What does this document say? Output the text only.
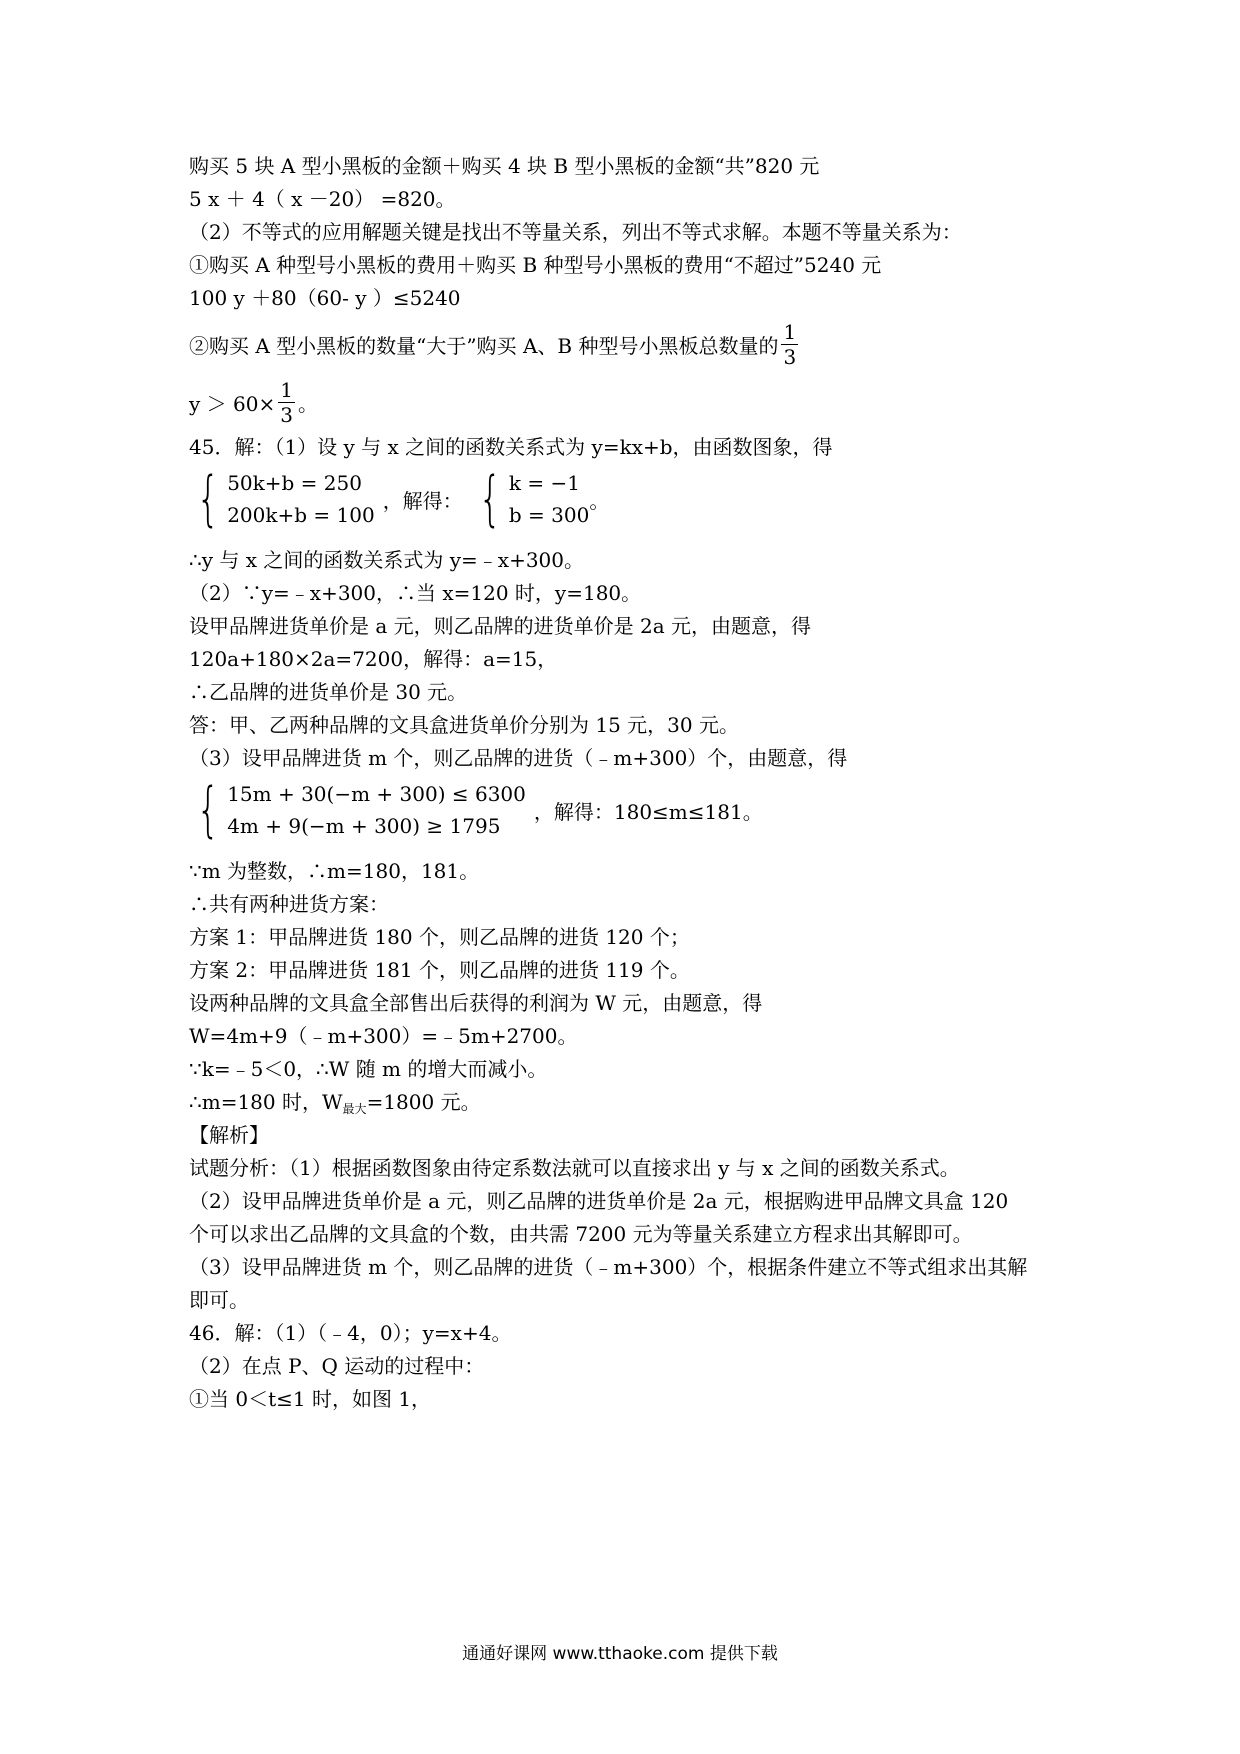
购买 5 块 A 型小黑板的金额＋购买 4 块 B 型小黑板的金额“共”820 元
5 x ＋ 4（ x －20） =820。
（2）不等式的应用解题关键是找出不等量关系，列出不等式求解。本题不等量关系为：
①购买 A 种型号小黑板的费用＋购买 B 种型号小黑板的费用“不超过”5240 元
100 y ＋80（60- y ）≤5240
②购买 A 型小黑板的数量“大于”购买 A、B 种型号小黑板总数量的 $\frac{1}{3}$
$y > 60\times \frac{1}{3}$ 。
45．解：（1）设 y 与 x 之间的函数关系式为 y=kx+b，由函数图象，得
{ 50k+b = 250
200k+b = 100
，解得： { k = −1
b = 300
。
∴y 与 x 之间的函数关系式为 y=﹣x+300。
（2）∵y=﹣x+300，∴当 x=120 时，y=180。
设甲品牌进货单价是 a 元，则乙品牌的进货单价是 2a 元，由题意，得
120a+180×2a=7200，解得：a=15，
∴乙品牌的进货单价是 30 元。
答：甲、乙两种品牌的文具盒进货单价分别为 15 元，30 元。
（3）设甲品牌进货 m 个，则乙品牌的进货（﹣m+300）个，由题意，得
{ 15m + 30(−m + 300) ≤ 6300
4m + 9(−m + 300) ≥ 1795
，解得：180≤m≤181。
∵m 为整数，∴m=180，181。
∴共有两种进货方案：
方案 1：甲品牌进货 180 个，则乙品牌的进货 120 个；
方案 2：甲品牌进货 181 个，则乙品牌的进货 119 个。
设两种品牌的文具盒全部售出后获得的利润为 W 元，由题意，得
W=4m+9（﹣m+300）=﹣5m+2700。
∵k=﹣5＜0，∴W 随 m 的增大而减小。
∴m=180 时，$W_{最大}=1800$ 元。
【解析】
试题分析：（1）根据函数图象由待定系数法就可以直接求出 y 与 x 之间的函数关系式。
（2）设甲品牌进货单价是 a 元，则乙品牌的进货单价是 2a 元，根据购进甲品牌文具盒 120
个可以求出乙品牌的文具盒的个数，由共需 7200 元为等量关系建立方程求出其解即可。
（3）设甲品牌进货 m 个，则乙品牌的进货（﹣m+300）个，根据条件建立不等式组求出其解
即可。
46．解：（1）（﹣4，0）；y=x+4。
（2）在点 P、Q 运动的过程中：
①当 0＜t≤1 时，如图 1，
通通好课网 www.tthaoke.com 提供下载
